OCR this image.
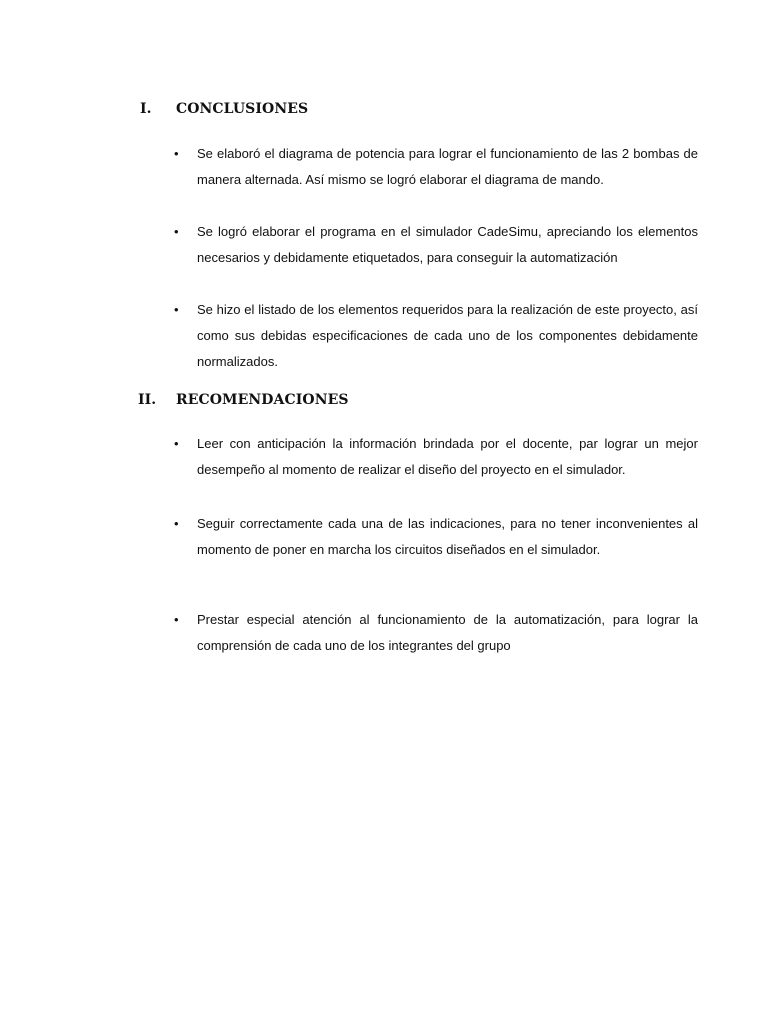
I. CONCLUSIONES
•	Se elaboró el diagrama de potencia para lograr el funcionamiento de las 2 bombas de manera alternada. Así mismo se logró elaborar el diagrama de mando.
•	Se logró elaborar el programa en el simulador CadeSimu, apreciando los elementos necesarios y debidamente etiquetados, para conseguir la automatización
•	Se hizo el listado de los elementos requeridos para la realización de este proyecto, así como sus debidas especificaciones de cada uno de los componentes debidamente normalizados.
II. RECOMENDACIONES
•	Leer con anticipación la información brindada por el docente, par lograr un mejor desempeño al momento de realizar el diseño del proyecto en el simulador.
•	Seguir correctamente cada una de las indicaciones, para no tener inconvenientes al momento de poner en marcha los circuitos diseñados en el simulador.
•	Prestar especial atención al funcionamiento de la automatización, para lograr la comprensión de cada uno de los integrantes del grupo
